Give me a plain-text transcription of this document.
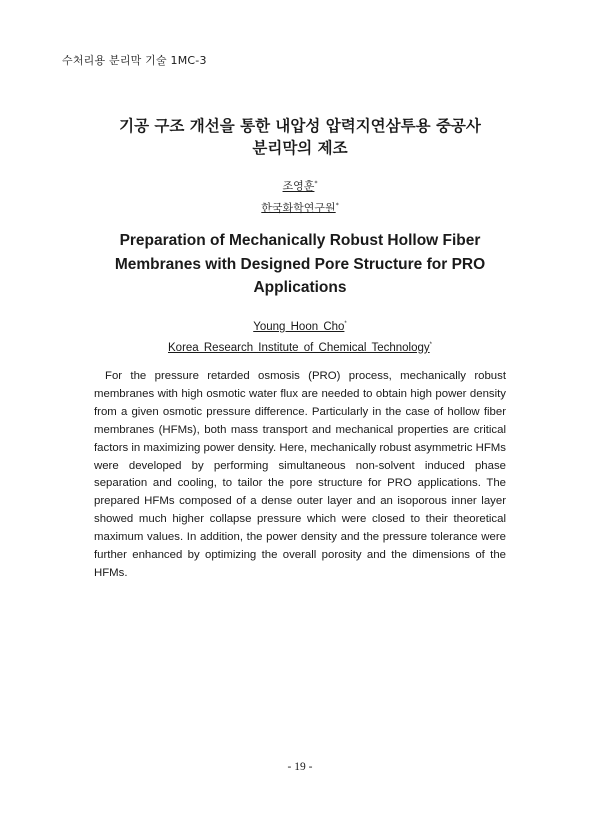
수처리용 분리막 기술 1MC-3
기공 구조 개선을 통한 내압성 압력지연삼투용 중공사
분리막의 제조
조영훈*
한국화학연구원*
Preparation of Mechanically Robust Hollow Fiber
Membranes with Designed Pore Structure for PRO
Applications
Young Hoon Cho*
Korea Research Institute of Chemical Technology*

For the pressure retarded osmosis (PRO) process, mechanically robust membranes with high osmotic water flux are needed to obtain high power density from a given osmotic pressure difference. Particularly in the case of hollow fiber membranes (HFMs), both mass transport and mechanical properties are critical factors in maximizing power density. Here, mechanically robust asymmetric HFMs were developed by performing simultaneous non-solvent induced phase separation and cooling, to tailor the pore structure for PRO applications. The prepared HFMs composed of a dense outer layer and an isoporous inner layer showed much higher collapse pressure which were closed to their theoretical maximum values. In addition, the power density and the pressure tolerance were further enhanced by optimizing the overall porosity and the dimensions of the HFMs.

- 19 -
